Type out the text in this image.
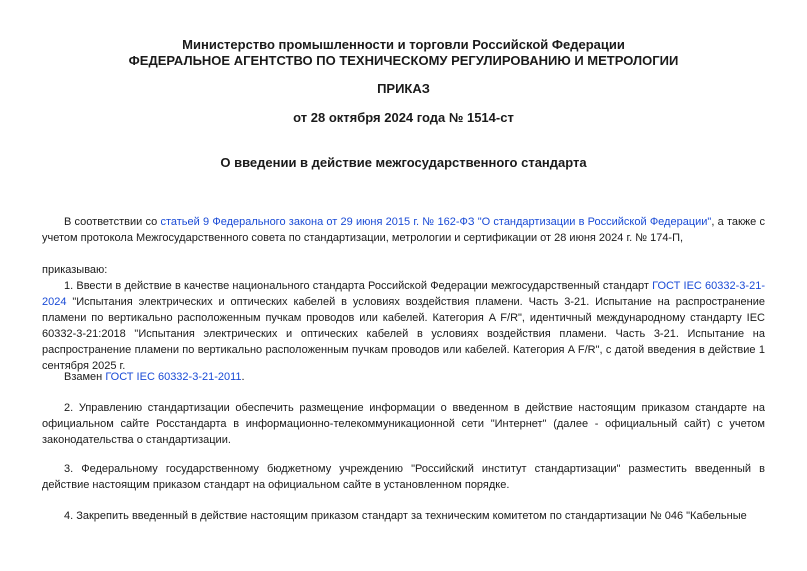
Министерство промышленности и торговли Российской Федерации
ФЕДЕРАЛЬНОЕ АГЕНТСТВО ПО ТЕХНИЧЕСКОМУ РЕГУЛИРОВАНИЮ И МЕТРОЛОГИИ
ПРИКАЗ
от 28 октября 2024 года № 1514-ст
О введении в действие межгосударственного стандарта

В соответствии со статьей 9 Федерального закона от 29 июня 2015 г. № 162-ФЗ "О стандартизации в Российской Федерации", а также с учетом протокола Межгосударственного совета по стандартизации, метрологии и сертификации от 28 июня 2024 г. № 174-П,

приказываю:

1. Ввести в действие в качестве национального стандарта Российской Федерации межгосударственный стандарт ГОСТ IEC 60332-3-21-2024 "Испытания электрических и оптических кабелей в условиях воздействия пламени. Часть 3-21. Испытание на распространение пламени по вертикально расположенным пучкам проводов или кабелей. Категория A F/R", идентичный международному стандарту IEC 60332-3-21:2018 "Испытания электрических и оптических кабелей в условиях воздействия пламени. Часть 3-21. Испытание на распространение пламени по вертикально расположенным пучкам проводов или кабелей. Категория A F/R", с датой введения в действие 1 сентября 2025 г.

Взамен ГОСТ IEC 60332-3-21-2011.

2. Управлению стандартизации обеспечить размещение информации о введенном в действие настоящим приказом стандарте на официальном сайте Росстандарта в информационно-телекоммуникационной сети "Интернет" (далее - официальный сайт) с учетом законодательства о стандартизации.

3. Федеральному государственному бюджетному учреждению "Российский институт стандартизации" разместить введенный в действие настоящим приказом стандарт на официальном сайте в установленном порядке.

4. Закрепить введенный в действие настоящим приказом стандарт за техническим комитетом по стандартизации № 046 "Кабельные
